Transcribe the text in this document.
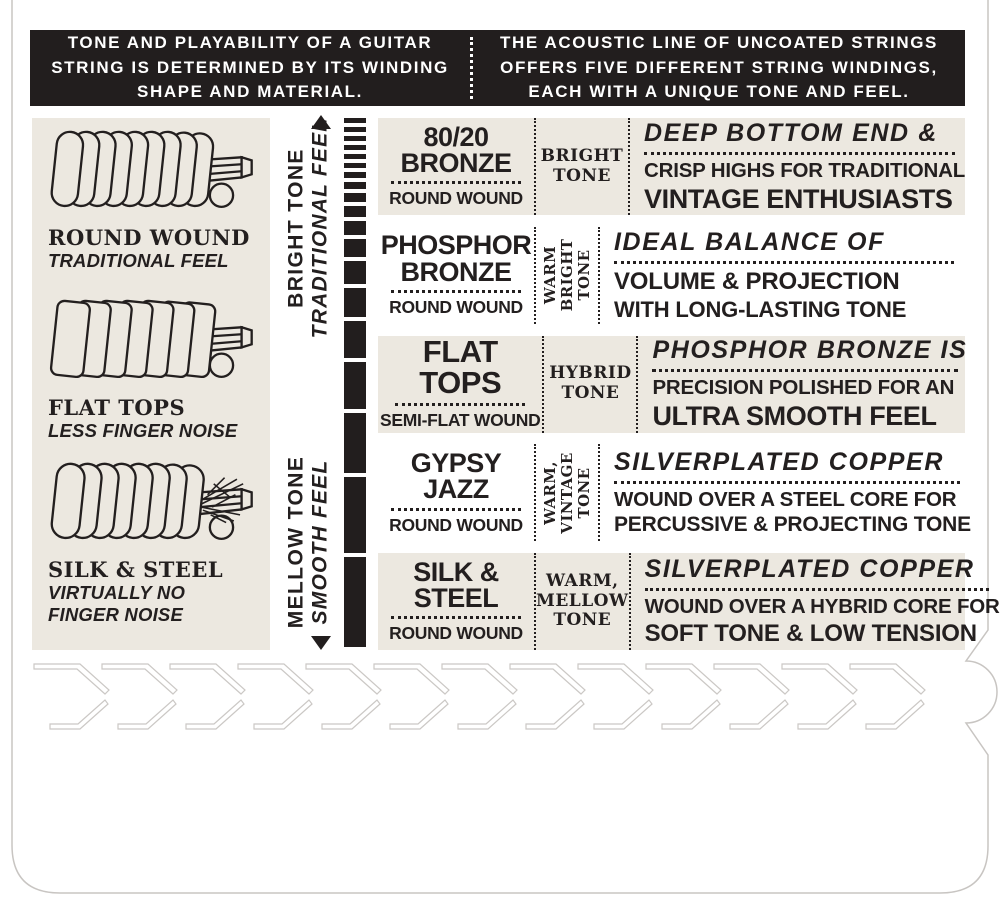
TONE AND PLAYABILITY OF A GUITAR STRING IS DETERMINED BY ITS WINDING SHAPE AND MATERIAL.
THE ACOUSTIC LINE OF UNCOATED STRINGS OFFERS FIVE DIFFERENT STRING WINDINGS, EACH WITH A UNIQUE TONE AND FEEL.
ROUND WOUND
TRADITIONAL FEEL
FLAT TOPS
LESS FINGER NOISE
SILK & STEEL
VIRTUALLY NO
FINGER NOISE
BRIGHT TONE TRADITIONAL FEEL
MELLOW TONE SMOOTH FEEL
80/20
BRONZE
ROUND WOUND
BRIGHT
TONE
DEEP BOTTOM END &
CRISP HIGHS FOR TRADITIONAL
VINTAGE ENTHUSIASTS
PHOSPHOR
BRONZE
ROUND WOUND
WARM
BRIGHT
TONE
IDEAL BALANCE OF
VOLUME & PROJECTION
WITH LONG-LASTING TONE
FLAT
TOPS
SEMI-FLAT WOUND
HYBRID
TONE
PHOSPHOR BRONZE IS
PRECISION POLISHED FOR AN
ULTRA SMOOTH FEEL
GYPSY
JAZZ
ROUND WOUND
WARM,
VINTAGE
TONE
SILVERPLATED COPPER
WOUND OVER A STEEL CORE FOR
PERCUSSIVE & PROJECTING TONE
SILK &
STEEL
ROUND WOUND
WARM,
MELLOW
TONE
SILVERPLATED COPPER
WOUND OVER A HYBRID CORE FOR
SOFT TONE & LOW TENSION
